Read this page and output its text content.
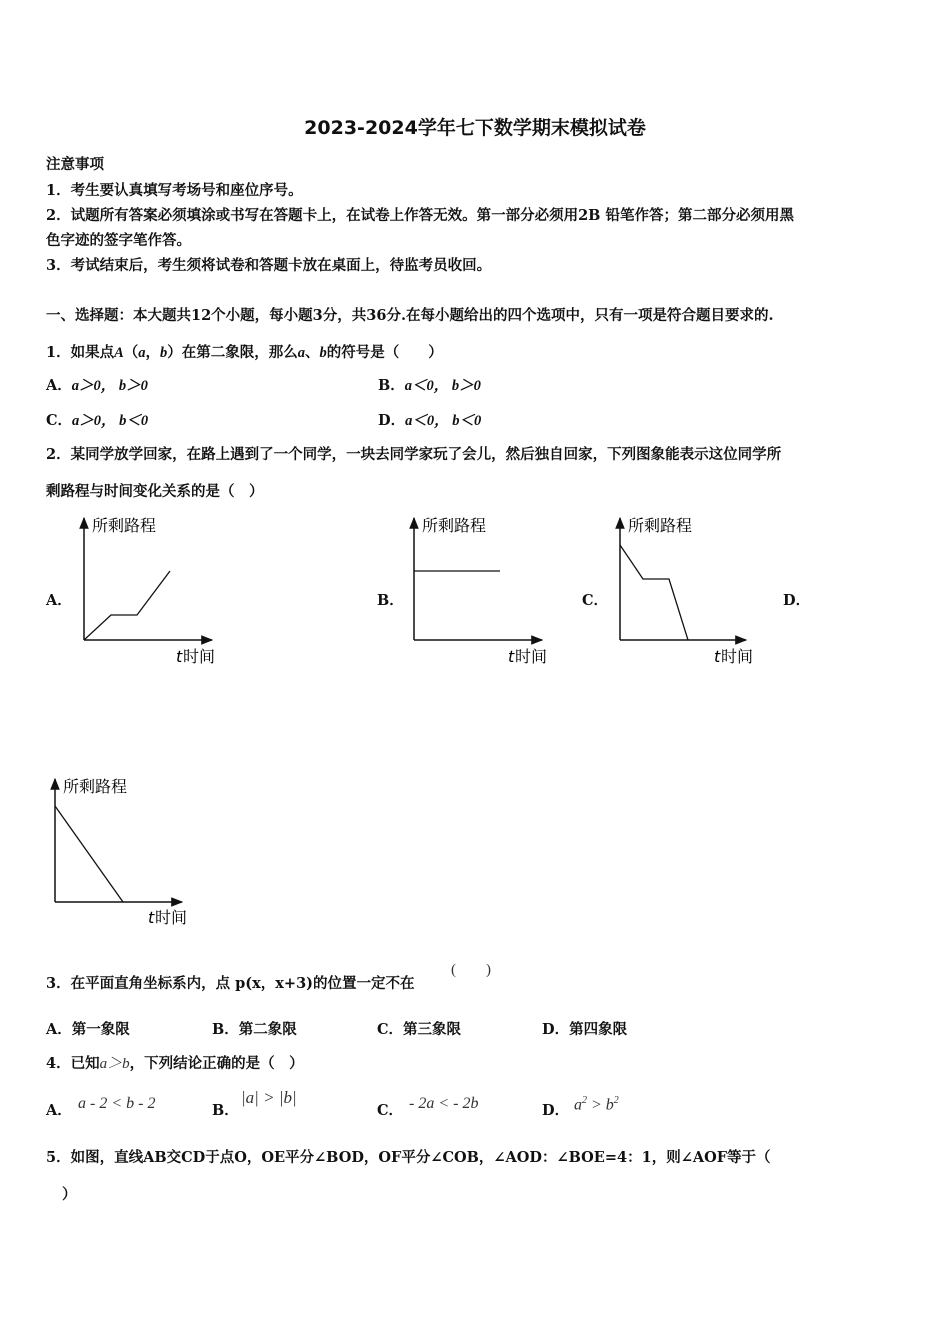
2023-2024学年七下数学期末模拟试卷
注意事项
1．考生要认真填写考场号和座位序号。
2．试题所有答案必须填涂或书写在答题卡上，在试卷上作答无效。第一部分必须用2B 铅笔作答；第二部分必须用黑
色字迹的签字笔作答。
3．考试结束后，考生须将试卷和答题卡放在桌面上，待监考员收回。
一、选择题：本大题共12个小题，每小题3分，共36分.在每小题给出的四个选项中，只有一项是符合题目要求的.
1．如果点A（a，b）在第二象限，那么a、b的符号是（　　）
A．a＞0， b＞0	B．a＜0， b＞0
C．a＞0， b＜0	D．a＜0， b＜0
2．某同学放学回家，在路上遇到了一个同学，一块去同学家玩了会儿，然后独自回家，下列图象能表示这位同学所
剩路程与时间变化关系的是（　）
A．	B．	C．	D．
所剩路程
t 时间
所剩路程
t 时间
所剩路程
t 时间
所剩路程
t 时间
3．在平面直角坐标系内，点 p(x，x+3)的位置一定不在
(　　)
A．第一象限	B．第二象限	C．第三象限	D．第四象限
4．已知a＞b，下列结论正确的是（　）
A． a - 2 < b - 2	B．
|a| > |b|
C． - 2a < - 2b	D． $a^2 > b^2$
5．如图，直线AB交CD于点O，OE平分∠BOD，OF平分∠COB，∠AOD：∠BOE=4：1，则∠AOF等于（
）
